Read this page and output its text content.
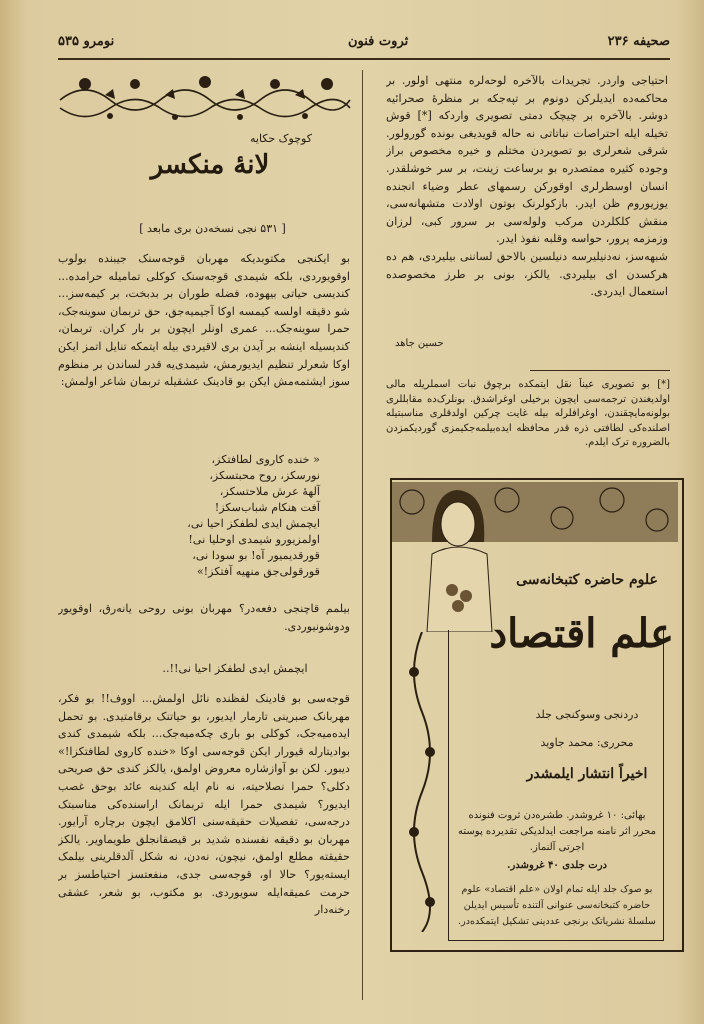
نومرو ۵۳۵	ثروت فنون	صحیفه ۲۳۶

احتیاجی واردر. تجریدات بالآخره لوحه‌لره منتهی اولور. بر محاکمه‌ده ایدیلرکن دونوم بر تپه‌جکه بر منظرهٔ صحرائیه دوشر. بالآخره بر چیچک دمتی تصویری واردکه [*] قوش تخیله ایله احتراصات نباتاتی نه حاله قویدیغی بونده گورولور. شرقی شعرلری بو تصویردن مختلم و خیره مخصوص براز وجوده کثیره ممتصدره بو برساعت زینت، بر سر خوشلقدر. انسان اوسطرلری اوقورکن رسمهای عطر وضیاء انجنده یوزیوروم ظن ایدر. بازکولرنک بوتون اولادت متشهانه‌سی، منقش کلکلردن مرکب ولوله‌سی بر سرور کبی، لرزان وزمزمه پرور، حواسه وقلبه نفوذ ایدر.

شبهه‌سز، نه‌دنیلیرسه دنیلسین بالاحق لساننی بیلیردی، هم ده هرکسدن ای بیلیردی. یالکز، بونی بر طرز مخصوصده استعمال ایدردی.

حسین جاهد
[*] بو تصویری عیناً نقل ایتمکده برچوق نبات اسملریله مالی اولدیغندن ترجمه‌سی ایچون برخیلی اوغراشدق. بونلرک‌ده مقابللری بولونه‌مایچقندن، اوغرافلرله بیله غایت چرکین اولدقلری مناسبتیله اصلنده‌کی لطافتی ذره قدر محافظه ایده‌بیلمه‌جکیمزی گوردیکمزدن بالضروره ترک ایلدم.
کوچوک حکایه
لانهٔ منکسر
[ ۵۳۱ نجی نسخه‌دن بری مابعد ]
بو ایکنجی مکتوبدیکه مهربان قوجه‌سنک جیبنده بولوب اوقویوردی، بلکه شیمدی قوجه‌سنک کوکلی تمامیله حرامده... کندیسی حیاتی بیهوده، فضله طوران بر بدبخت، بر کیمه‌سز... شو دقیقه اولسه کیمسه اوکا آجیمیه‌جق، حق تربمان سوینه‌جک، حمرا سوینه‌جک... عمری اونلر ایچون بر بار کران. تربمان، کندیسیله اینشه بر آیدن بری لاقیردی بیله ایتمکه تنایل اتمز ایکن اوکا شعرلر تنظیم ایدیورمش، شیمدی‌یه قدر لساندن بر منظوم سوز ایشتمه‌مش ایکن بو قادینک عشقیله تربمان شاعر اولمش:
« خنده کاروی لطافتکز،
نورسکز، روح محبتسکز،
آلههٔ عرش ملاحتسکز،
آفت هنکام شباب‌سکز!
ایچمش ایدی لطفکز احیا نی،
اولمزیورو شیمدی اوحلیا نی!
قورقدیمیور آه! بو سودا نی،
قورقولی‌جق منهیه آفتکز!»
بیلمم قاچنجی دفعه‌در؟ مهربان بونی روحی یانه‌رق، اوقویور ودوشونیوردی.
ایچمش ایدی لطفکز احیا نی!!..
قوجه‌سی بو قادینک لفظنده نائل اولمش... اووف!! بو فکر، مهربانک صبرینی تارمار ایدیور، بو حیاتنک برقامتیدی. بو تحمل ایده‌میه‌جک، کوکلی بو باری چکه‌میه‌جک... بلکه شیمدی کندی بوادیتارله قیورار ایکن قوجه‌سی اوکا «خنده کاروی لطافتکزا!» دیبور. لکن بو آوازشاره معروض اولمق، یالکز کندی حق صریحی دکلی؟ حمرا نصلاحیته، نه نام ایله کندینه عائد بوحق غصب ایدیور؟ شیمدی حمرا ایله تربمانک اراسنده‌کی مناسبتک درجه‌سی، تفصیلات حقیقه‌سنی اکلامق ایچون برچاره آرایور. مهربان بو دقیقه نفسنده شدید بر قیصقانجلق طویماویر. یالکز حقیقته مطلع اولمق، نیچون، نه‌دن، نه شکل آلدقلرینی بیلمک ایسته‌یور؟ حالا او، قوجه‌سی جدی، منفعتسز احتیاطسز بر حرمت عمیقه‌ایله سویوردی. بو مکتوب، بو شعر، عشقی رخنه‌دار
علوم حاضره کتبخانه‌سی
علم اقتصاد
دردنجی وسوکنجی جلد
محرری: محمد جاوید
اخیراً انتشار ایلمشدر
بهائی: ۱۰ غروشدر. طشره‌دن ثروت فنونده
محرر اثر نامنه مراجعت ایدلدیکی تقدیرده پوسته
اجرتی آلنماز.
درت جلدی ۴۰ غروشدر.
بو صوک جلد ایله تمام اولان «علم اقتصاد» علوم
حاضره کتبخانه‌سی عنوانی آلتنده تأسیس ایدیلن
سلسلهٔ نشریاتک برنجی عددینی تشکیل ایتمکده‌در.
